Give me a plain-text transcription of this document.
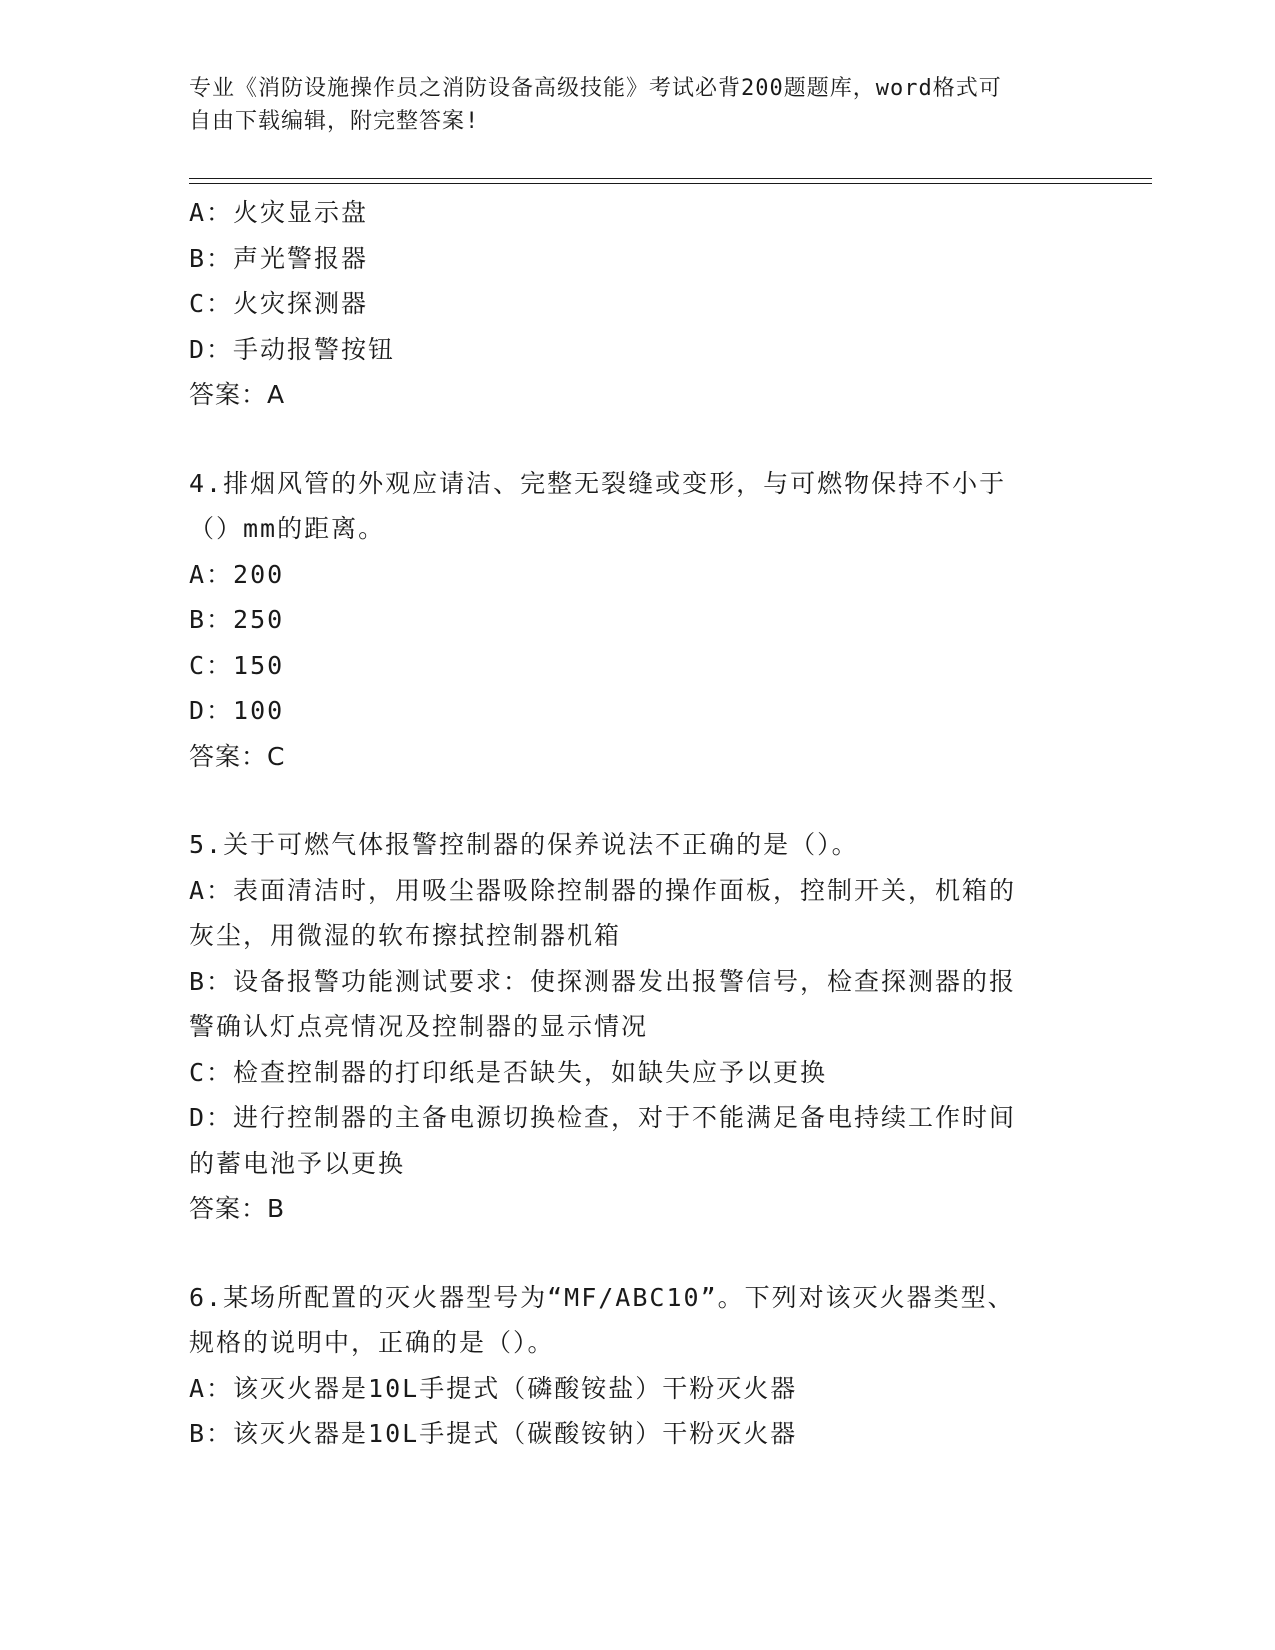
专业《消防设施操作员之消防设备高级技能》考试必背200题题库，word格式可
自由下载编辑，附完整答案!
A：火灾显示盘
B：声光警报器
C：火灾探测器
D：手动报警按钮
答案：A
4.排烟风管的外观应请洁、完整无裂缝或变形，与可燃物保持不小于
（）mm的距离。
A：200
B：250
C：150
D：100
答案：C
5.关于可燃气体报警控制器的保养说法不正确的是（）。
A：表面清洁时，用吸尘器吸除控制器的操作面板，控制开关，机箱的
灰尘，用微湿的软布擦拭控制器机箱
B：设备报警功能测试要求：使探测器发出报警信号，检查探测器的报
警确认灯点亮情况及控制器的显示情况
C：检查控制器的打印纸是否缺失，如缺失应予以更换
D：进行控制器的主备电源切换检查，对于不能满足备电持续工作时间
的蓄电池予以更换
答案：B
6.某场所配置的灭火器型号为“MF/ABC10”。下列对该灭火器类型、
规格的说明中，正确的是（）。
A：该灭火器是10L手提式（磷酸铵盐）干粉灭火器
B：该灭火器是10L手提式（碳酸铵钠）干粉灭火器
